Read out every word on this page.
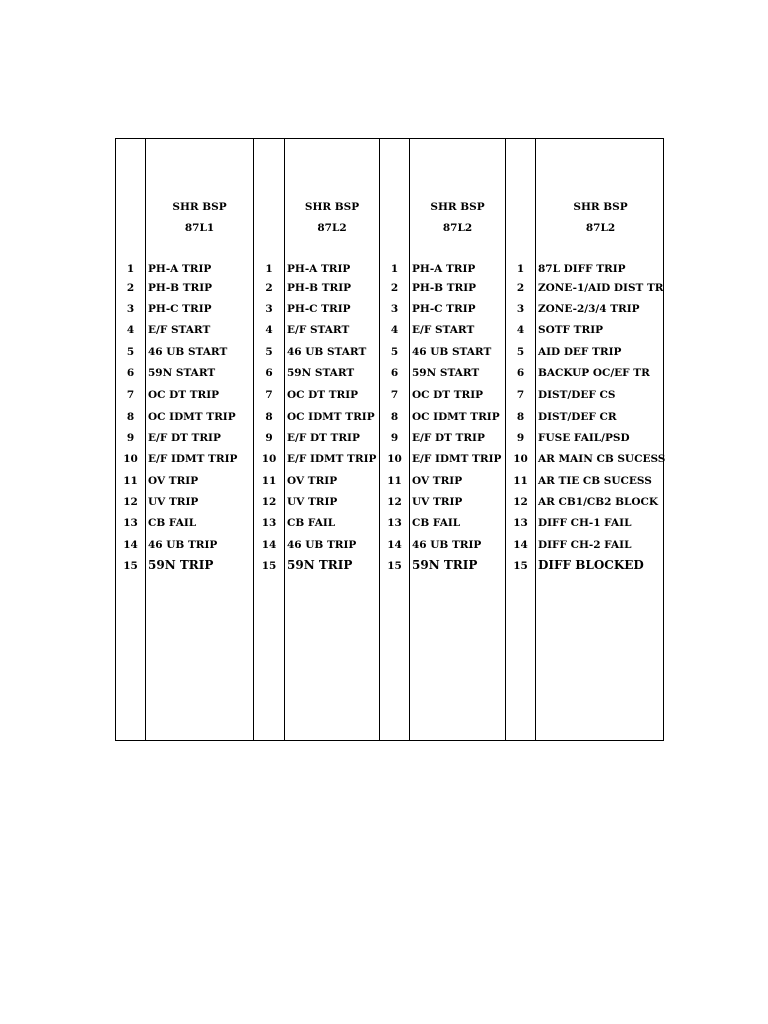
1
2
3
4
5
6
7
8
9
10
11
12
13
14
15
SHR BSP
87L1
PH-A TRIP
PH-B TRIP
PH-C TRIP
E/F START
46 UB START
59N START
OC DT TRIP
OC IDMT TRIP
E/F DT TRIP
E/F IDMT TRIP
OV TRIP
UV TRIP
CB FAIL
46 UB TRIP
59N TRIP
1
2
3
4
5
6
7
8
9
10
11
12
13
14
15
SHR BSP
87L2
PH-A TRIP
PH-B TRIP
PH-C TRIP
E/F START
46 UB START
59N START
OC DT TRIP
OC IDMT TRIP
E/F DT TRIP
E/F IDMT TRIP
OV TRIP
UV TRIP
CB FAIL
46 UB TRIP
59N TRIP
1
2
3
4
5
6
7
8
9
10
11
12
13
14
15
SHR BSP
87L2
PH-A TRIP
PH-B TRIP
PH-C TRIP
E/F START
46 UB START
59N START
OC DT TRIP
OC IDMT TRIP
E/F DT TRIP
E/F IDMT TRIP
OV TRIP
UV TRIP
CB FAIL
46 UB TRIP
59N TRIP
1
2
3
4
5
6
7
8
9
10
11
12
13
14
15
SHR BSP
87L2
87L DIFF TRIP
ZONE-1/AID DIST TR
ZONE-2/3/4 TRIP
SOTF TRIP
AID DEF TRIP
BACKUP OC/EF TR
DIST/DEF CS
DIST/DEF CR
FUSE FAIL/PSD
AR MAIN CB SUCESS
AR TIE CB SUCESS
AR CB1/CB2 BLOCK
DIFF CH-1 FAIL
DIFF CH-2 FAIL
DIFF BLOCKED
